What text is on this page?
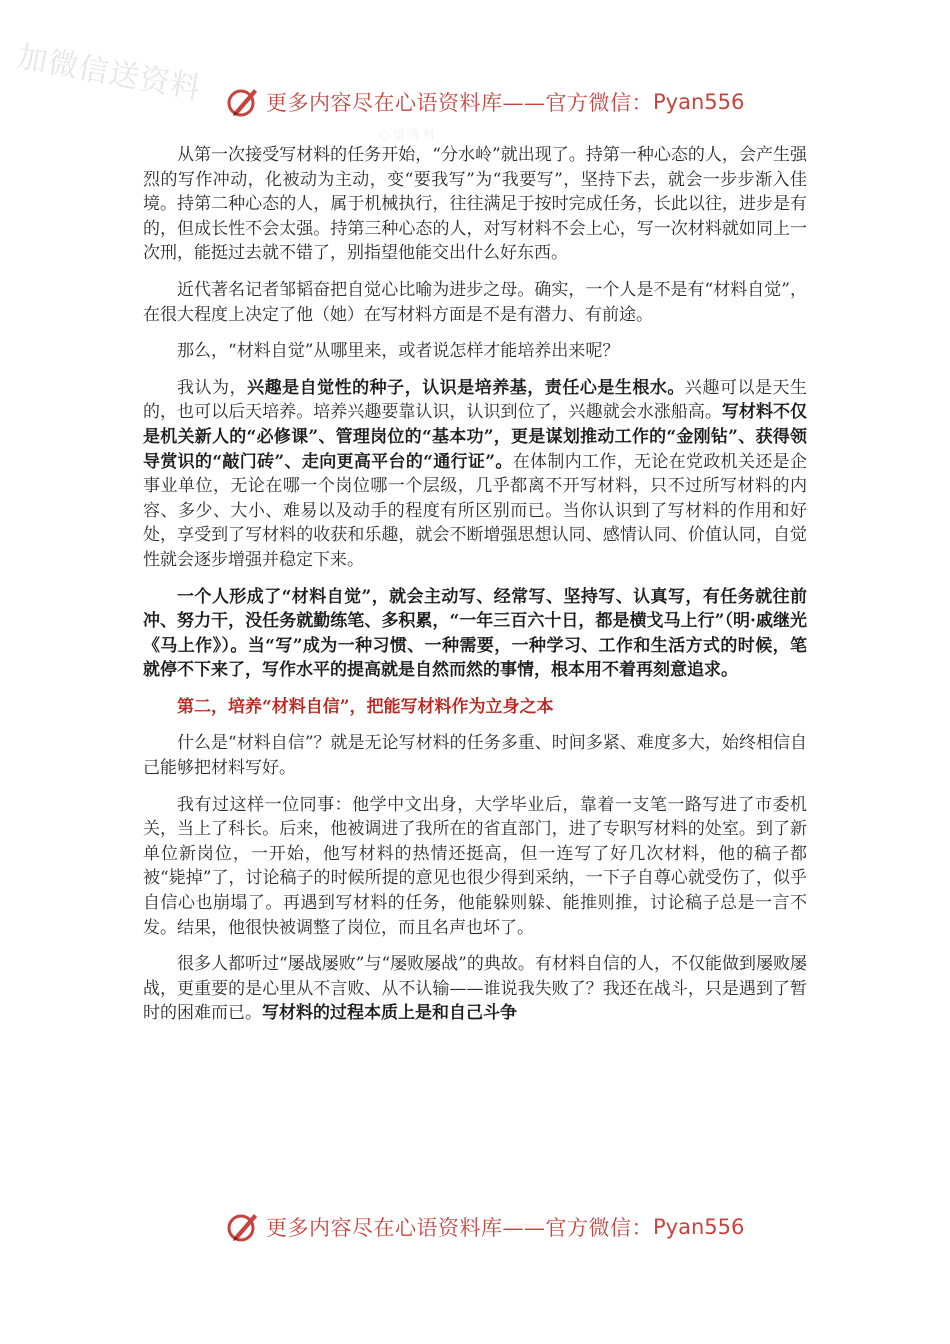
加微信送资料	更多内容尽在心语资料库——官方微信： Pyan556
心语资料

从第一次接受写材料的任务开始，“分水岭”就出现了。持第一种心态的人，会产生强烈的写作冲动，化被动为主动，变“要我写”为“我要写”，坚持下去，就会一步步渐入佳境。持第二种心态的人，属于机械执行，往往满足于按时完成任务，长此以往，进步是有的，但成长性不会太强。持第三种心态的人，对写材料不会上心，写一次材料就如同上一次刑，能挺过去就不错了，别指望他能交出什么好东西。

近代著名记者邹韬奋把自觉心比喻为进步之母。确实，一个人是不是有“材料自觉”，在很大程度上决定了他（她）在写材料方面是不是有潜力、有前途。

那么，“材料自觉”从哪里来，或者说怎样才能培养出来呢？

我认为，兴趣是自觉性的种子，认识是培养基，责任心是生根水。兴趣可以是天生的，也可以后天培养。培养兴趣要靠认识，认识到位了，兴趣就会水涨船高。写材料不仅是机关新人的“必修课”、管理岗位的“基本功”，更是谋划推动工作的“金刚钻”、获得领导赏识的“敲门砖”、走向更高平台的“通行证”。在体制内工作，无论在党政机关还是企事业单位，无论在哪一个岗位哪一个层级，几乎都离不开写材料，只不过所写材料的内容、多少、大小、难易以及动手的程度有所区别而已。当你认识到了写材料的作用和好处，享受到了写材料的收获和乐趣，就会不断增强思想认同、感情认同、价值认同，自觉性就会逐步增强并稳定下来。

一个人形成了“材料自觉”，就会主动写、经常写、坚持写、认真写，有任务就往前冲、努力干，没任务就勤练笔、多积累，“一年三百六十日，都是横戈马上行”（明·戚继光《马上作》）。当“写”成为一种习惯、一种需要，一种学习、工作和生活方式的时候，笔就停不下来了，写作水平的提高就是自然而然的事情，根本用不着再刻意追求。

第二，培养“材料自信”，把能写材料作为立身之本

什么是“材料自信”？就是无论写材料的任务多重、时间多紧、难度多大，始终相信自己能够把材料写好。

我有过这样一位同事：他学中文出身，大学毕业后，靠着一支笔一路写进了市委机关，当上了科长。后来，他被调进了我所在的省直部门，进了专职写材料的处室。到了新单位新岗位，一开始，他写材料的热情还挺高，但一连写了好几次材料，他的稿子都被“毙掉”了，讨论稿子的时候所提的意见也很少得到采纳，一下子自尊心就受伤了，似乎自信心也崩塌了。再遇到写材料的任务，他能躲则躲、能推则推，讨论稿子总是一言不发。结果，他很快被调整了岗位，而且名声也坏了。

很多人都听过“屡战屡败”与“屡败屡战”的典故。有材料自信的人，不仅能做到屡败屡战，更重要的是心里从不言败、从不认输——谁说我失败了？我还在战斗，只是遇到了暂时的困难而已。写材料的过程本质上是和自己斗争

更多内容尽在心语资料库——官方微信： Pyan556
